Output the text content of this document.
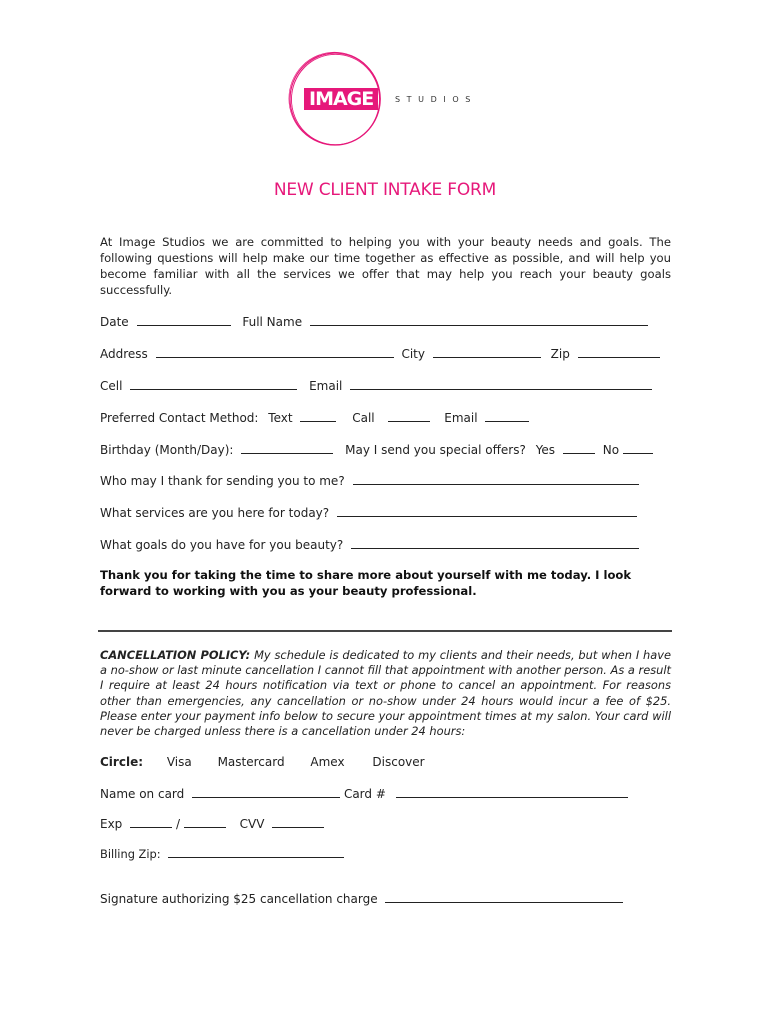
IMAGE	STUDIOS
NEW CLIENT INTAKE FORM
At Image Studios we are committed to helping you with your beauty needs and goals. The following questions will help make our time together as effective as possible, and will help you become familiar with all the services we offer that may help you reach your beauty goals successfully.
Date	Full Name
Address	City	Zip
Cell	Email
Preferred Contact Method: Text	Call	Email
Birthday (Month/Day):	May I send you special offers? Yes	No
Who may I thank for sending you to me?
What services are you here for today?
What goals do you have for you beauty?
Thank you for taking the time to share more about yourself with me today. I look forward to working with you as your beauty professional.
CANCELLATION POLICY: My schedule is dedicated to my clients and their needs, but when I have a no-show or last minute cancellation I cannot fill that appointment with another person. As a result I require at least 24 hours notification via text or phone to cancel an appointment. For reasons other than emergencies, any cancellation or no-show under 24 hours would incur a fee of $25. Please enter your payment info below to secure your appointment times at my salon. Your card will never be charged unless there is a cancellation under 24 hours:
Circle: Visa Mastercard Amex Discover
Name on card	Card #
Exp	/	CVV
Billing Zip:
Signature authorizing $25 cancellation charge
